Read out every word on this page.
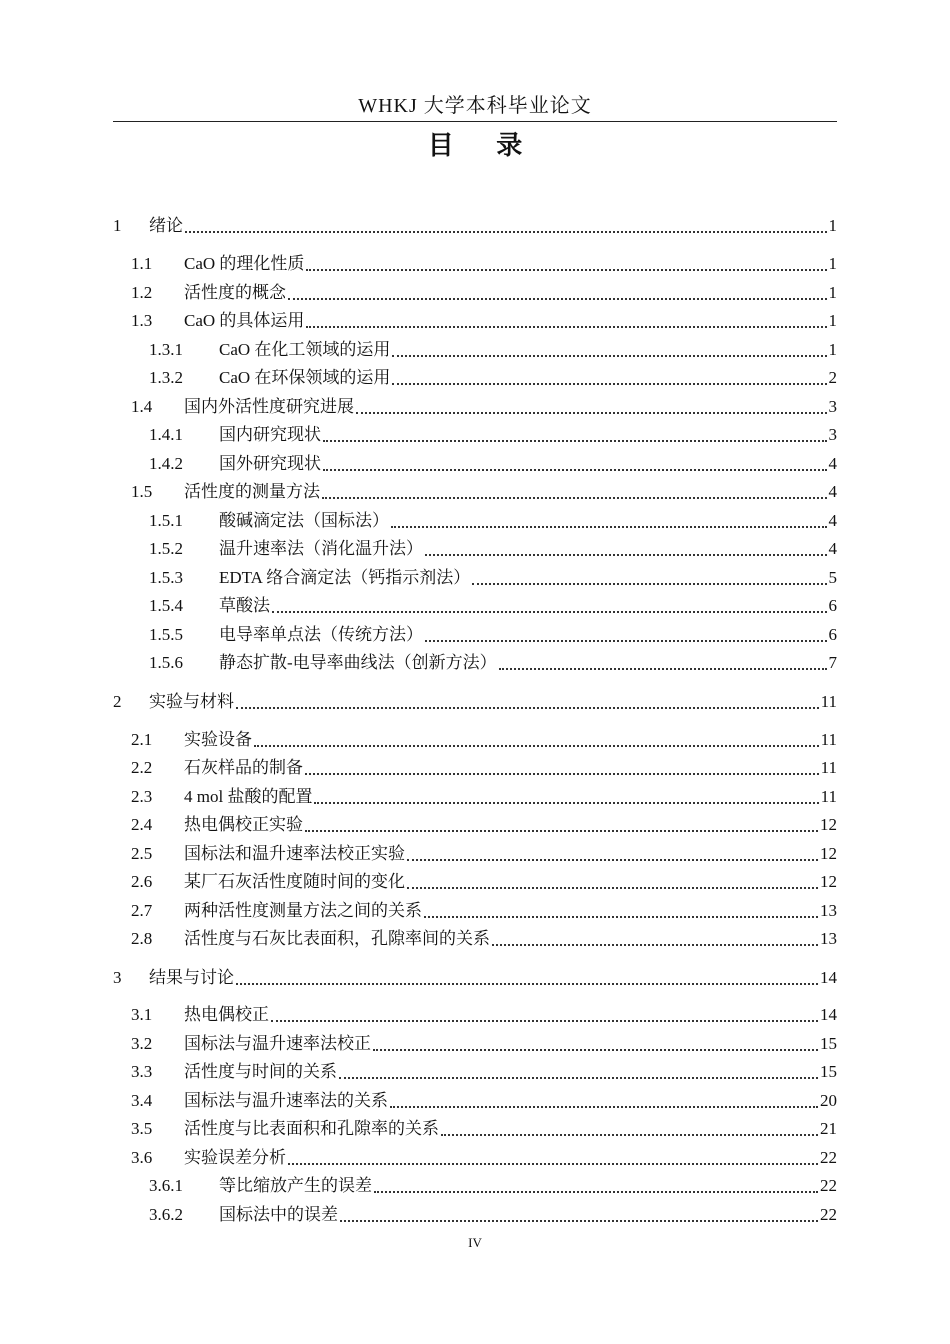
WHKJ 大学本科毕业论文
目 录
1	绪论	1
1.1	CaO 的理化性质	1
1.2	活性度的概念	1
1.3	CaO 的具体运用	1
1.3.1	CaO 在化工领域的运用	1
1.3.2	CaO 在环保领域的运用	2
1.4	国内外活性度研究进展	3
1.4.1	国内研究现状	3
1.4.2	国外研究现状	4
1.5	活性度的测量方法	4
1.5.1	酸碱滴定法（国标法）	4
1.5.2	温升速率法（消化温升法）	4
1.5.3	EDTA 络合滴定法（钙指示剂法）	5
1.5.4	草酸法	6
1.5.5	电导率单点法（传统方法）	6
1.5.6	静态扩散-电导率曲线法（创新方法）	7
2	实验与材料	11
2.1	实验设备	11
2.2	石灰样品的制备	11
2.3	4 mol 盐酸的配置	11
2.4	热电偶校正实验	12
2.5	国标法和温升速率法校正实验	12
2.6	某厂石灰活性度随时间的变化	12
2.7	两种活性度测量方法之间的关系	13
2.8	活性度与石灰比表面积，孔隙率间的关系	13
3	结果与讨论	14
3.1	热电偶校正	14
3.2	国标法与温升速率法校正	15
3.3	活性度与时间的关系	15
3.4	国标法与温升速率法的关系	20
3.5	活性度与比表面积和孔隙率的关系	21
3.6	实验误差分析	22
3.6.1	等比缩放产生的误差	22
3.6.2	国标法中的误差	22
IV
